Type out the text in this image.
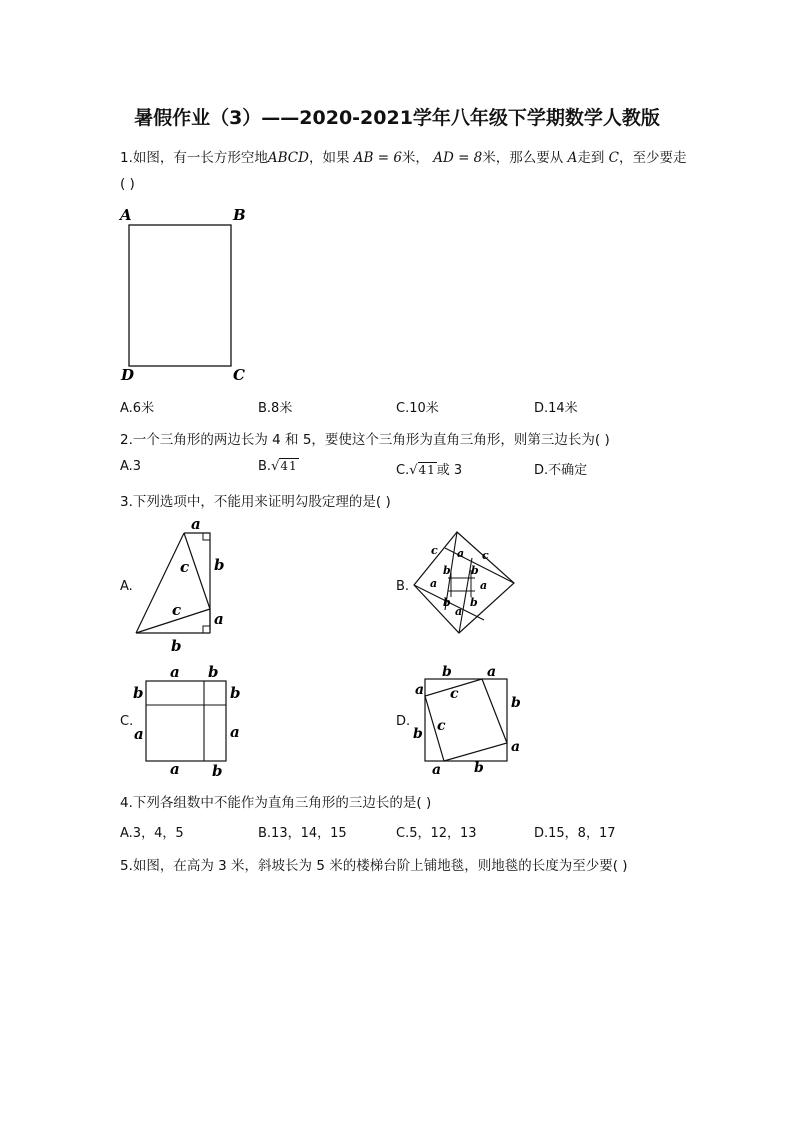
暑假作业（3）——2020-2021学年八年级下学期数学人教版
1.如图，有一长方形空地ABCD，如果 AB = 6米， AD = 8米，那么要从 A走到 C，至少要走
( )
A	B
D	C
A.6米	B.8米	C.10米	D.14米
2.一个三角形的两边长为 4 和 5，要使这个三角形为直角三角形，则第三边长为( )
A.3	B.√41	C.√41或 3	D.不确定
3.下列选项中，不能用来证明勾股定理的是( )
A.
a
b
c
c a
b
B.
c a c
b b
a	a
b b
a
C.
a b
b	b
a	a
a b
D.
b	a
a c
b
c
b
a
a b
4.下列各组数中不能作为直角三角形的三边长的是( )
A.3，4，5	B.13，14，15	C.5，12，13	D.15，8，17
5.如图，在高为 3 米，斜坡长为 5 米的楼梯台阶上铺地毯，则地毯的长度为至少要( )
